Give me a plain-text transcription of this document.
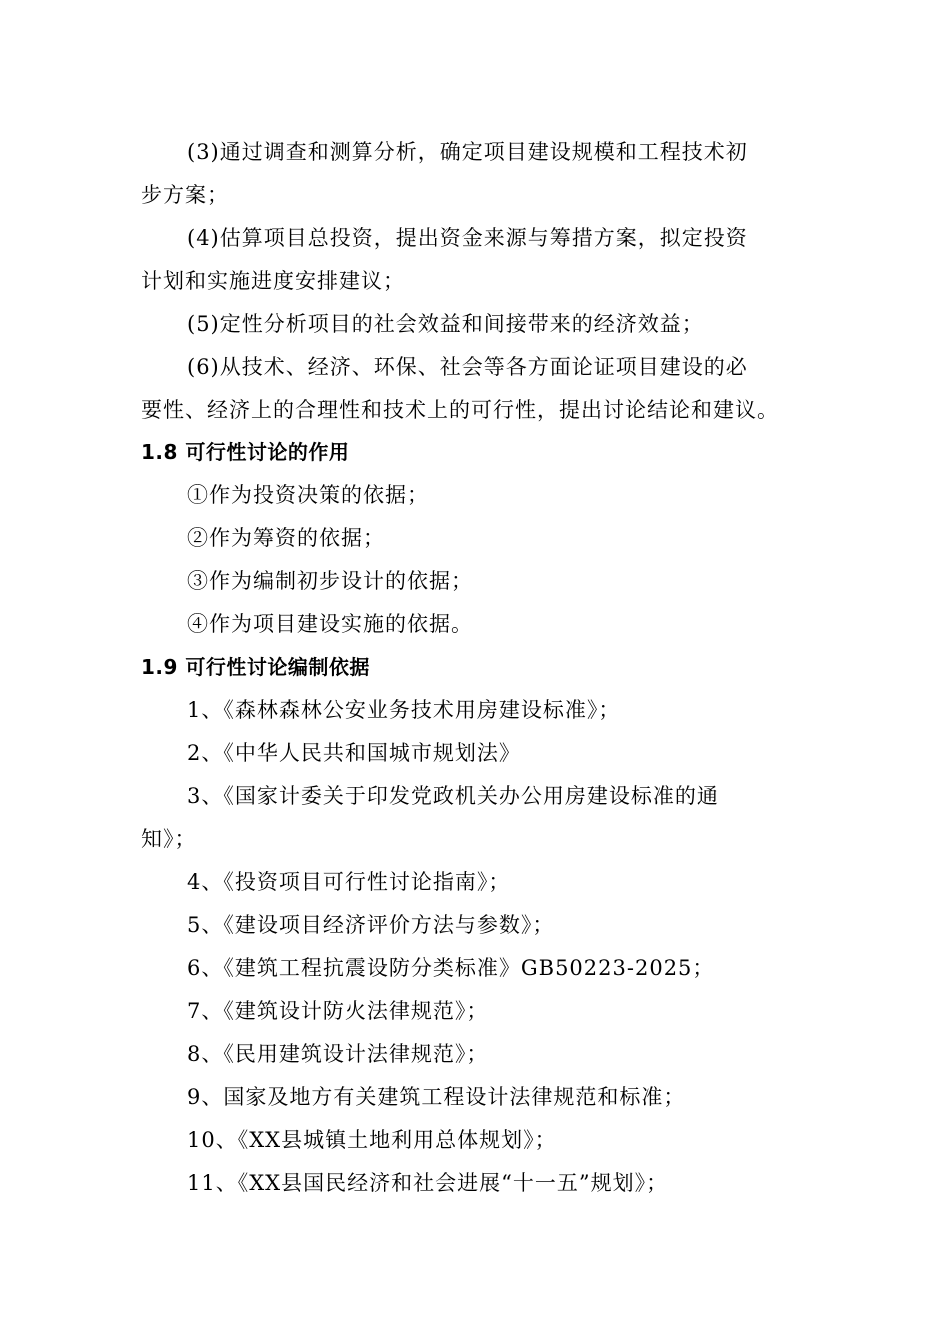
(3)通过调查和测算分析，确定项目建设规模和工程技术初
步方案；
(4)估算项目总投资，提出资金来源与筹措方案，拟定投资
计划和实施进度安排建议；
(5)定性分析项目的社会效益和间接带来的经济效益；
(6)从技术、经济、环保、社会等各方面论证项目建设的必
要性、经济上的合理性和技术上的可行性，提出讨论结论和建议。
1.8 可行性讨论的作用
①作为投资决策的依据；
②作为筹资的依据；
③作为编制初步设计的依据；
④作为项目建设实施的依据。
1.9 可行性讨论编制依据
1、《森林森林公安业务技术用房建设标准》；
2、《中华人民共和国城市规划法》
3、《国家计委关于印发党政机关办公用房建设标准的通
知》；
4、《投资项目可行性讨论指南》；
5、《建设项目经济评价方法与参数》；
6、《建筑工程抗震设防分类标准》GB50223-2025；
7、《建筑设计防火法律规范》；
8、《民用建筑设计法律规范》；
9、国家及地方有关建筑工程设计法律规范和标准；
10、《XX县城镇土地利用总体规划》；
11、《XX县国民经济和社会进展“十一五”规划》；
